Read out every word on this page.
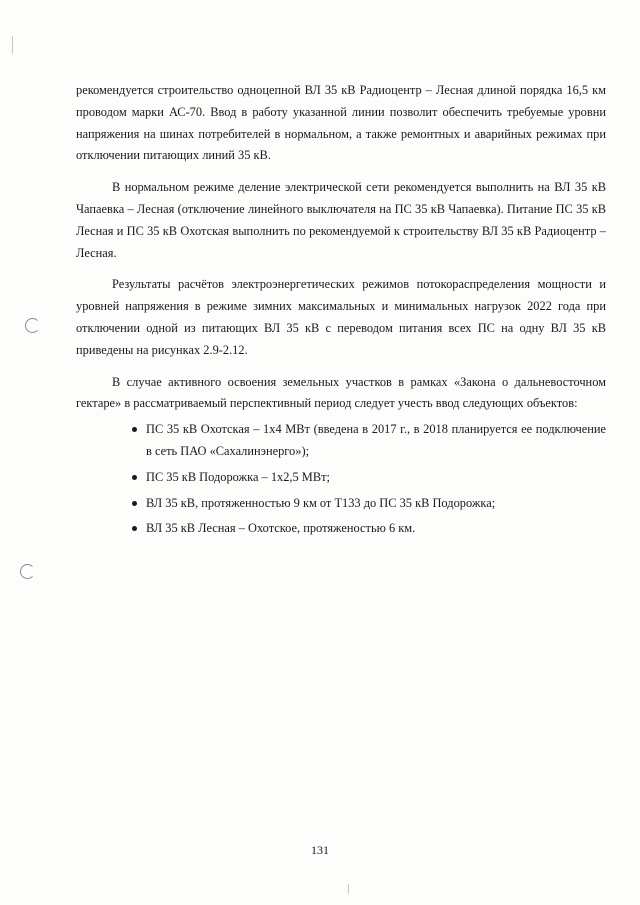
рекомендуется строительство одноцепной ВЛ 35 кВ Радиоцентр – Лесная длиной порядка 16,5 км проводом марки АС-70. Ввод в работу указанной линии позволит обеспечить требуемые уровни напряжения на шинах потребителей в нормальном, а также ремонтных и аварийных режимах при отключении питающих линий 35 кВ.

В нормальном режиме деление электрической сети рекомендуется выполнить на ВЛ 35 кВ Чапаевка – Лесная (отключение линейного выключателя на ПС 35 кВ Чапаевка). Питание ПС 35 кВ Лесная и ПС 35 кВ Охотская выполнить по рекомендуемой к строительству ВЛ 35 кВ Радиоцентр – Лесная.

Результаты расчётов электроэнергетических режимов потокораспределения мощности и уровней напряжения в режиме зимних максимальных и минимальных нагрузок 2022 года при отключении одной из питающих ВЛ 35 кВ с переводом питания всех ПС на одну ВЛ 35 кВ приведены на рисунках 2.9-2.12.

В случае активного освоения земельных участков в рамках «Закона о дальневосточном гектаре» в рассматриваемый перспективный период следует учесть ввод следующих объектов:

ПС 35 кВ Охотская – 1х4 МВт (введена в 2017 г., в 2018 планируется ее подключение в сеть ПАО «Сахалинэнерго»);
ПС 35 кВ Подорожка – 1х2,5 МВт;
ВЛ 35 кВ, протяженностью 9 км от Т133 до ПС 35 кВ Подорожка;
ВЛ 35 кВ Лесная – Охотское, протяженостью 6 км.
131
